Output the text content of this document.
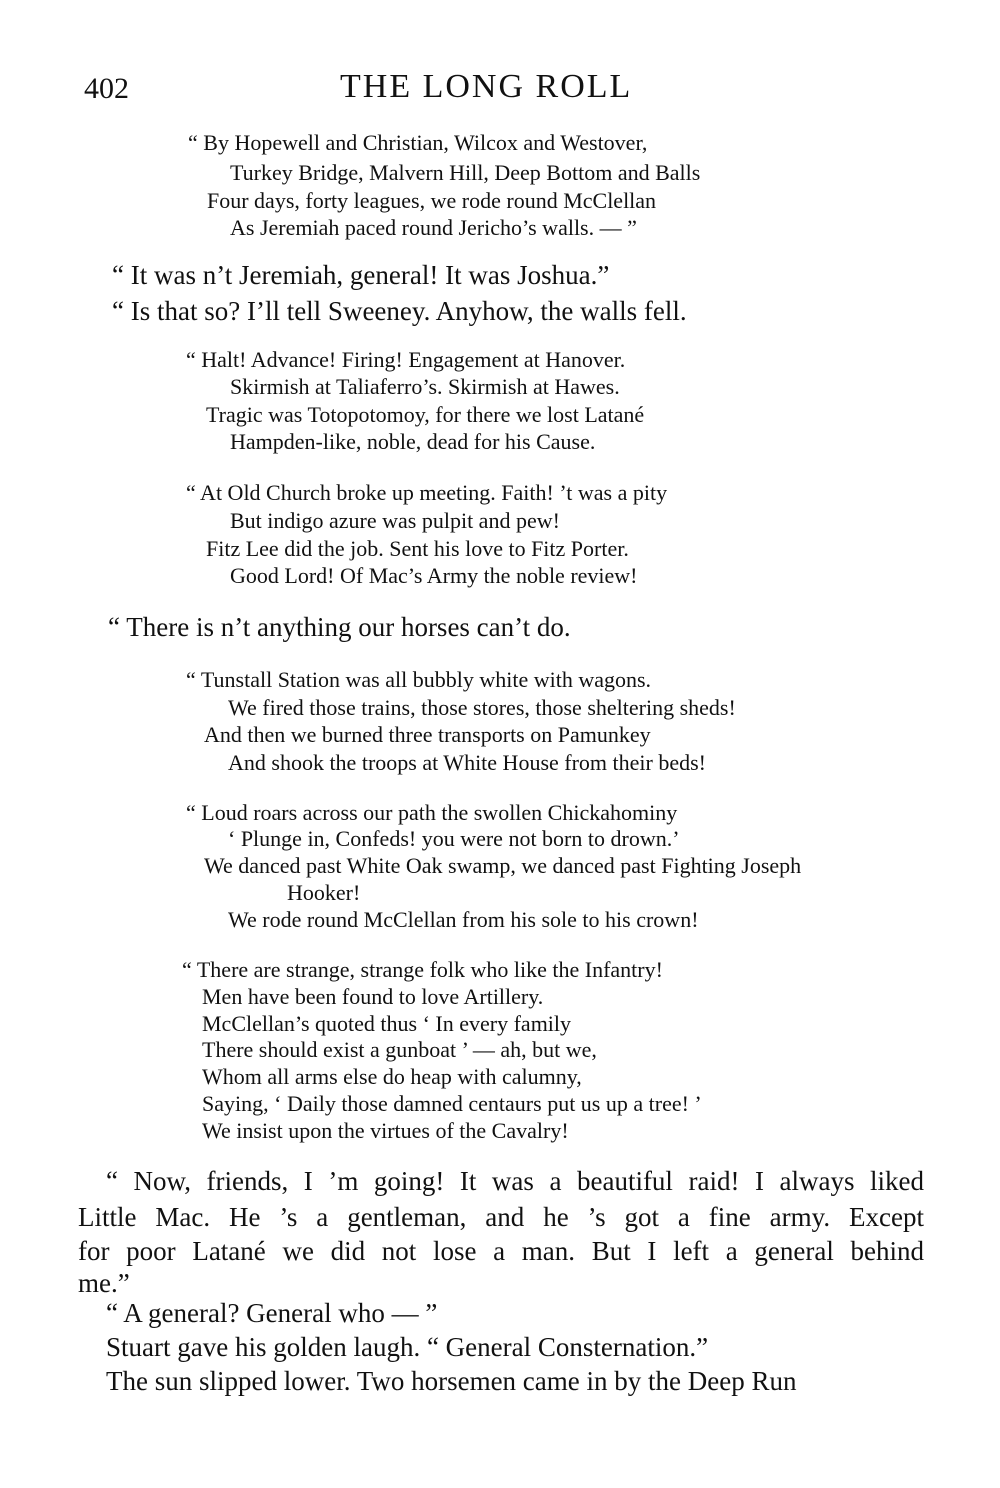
402	THE LONG ROLL
“ By Hopewell and Christian, Wilcox and Westover,
Turkey Bridge, Malvern Hill, Deep Bottom and Balls
Four days, forty leagues, we rode round McClellan
As Jeremiah paced round Jericho’s walls. — ”
“ It was n’t Jeremiah, general! It was Joshua.”
“ Is that so? I’ll tell Sweeney. Anyhow, the walls fell.
“ Halt! Advance! Firing! Engagement at Hanover.
Skirmish at Taliaferro’s. Skirmish at Hawes.
Tragic was Totopotomoy, for there we lost Latané
Hampden-like, noble, dead for his Cause.
“ At Old Church broke up meeting. Faith! ’t was a pity
But indigo azure was pulpit and pew!
Fitz Lee did the job. Sent his love to Fitz Porter.
Good Lord! Of Mac’s Army the noble review!
“ There is n’t anything our horses can’t do.
“ Tunstall Station was all bubbly white with wagons.
We fired those trains, those stores, those sheltering sheds!
And then we burned three transports on Pamunkey
And shook the troops at White House from their beds!
“ Loud roars across our path the swollen Chickahominy
‘ Plunge in, Confeds! you were not born to drown.’
We danced past White Oak swamp, we danced past Fighting Joseph
Hooker!
We rode round McClellan from his sole to his crown!
“ There are strange, strange folk who like the Infantry!
Men have been found to love Artillery.
McClellan’s quoted thus ‘ In every family
There should exist a gunboat ’ — ah, but we,
Whom all arms else do heap with calumny,
Saying, ‘ Daily those damned centaurs put us up a tree! ’
We insist upon the virtues of the Cavalry!
“ Now, friends, I ’m going! It was a beautiful raid! I always liked
Little Mac. He ’s a gentleman, and he ’s got a fine army. Except
for poor Latané we did not lose a man. But I left a general behind
me.”
“ A general? General who — ”
Stuart gave his golden laugh. “ General Consternation.”
The sun slipped lower. Two horsemen came in by the Deep Run
